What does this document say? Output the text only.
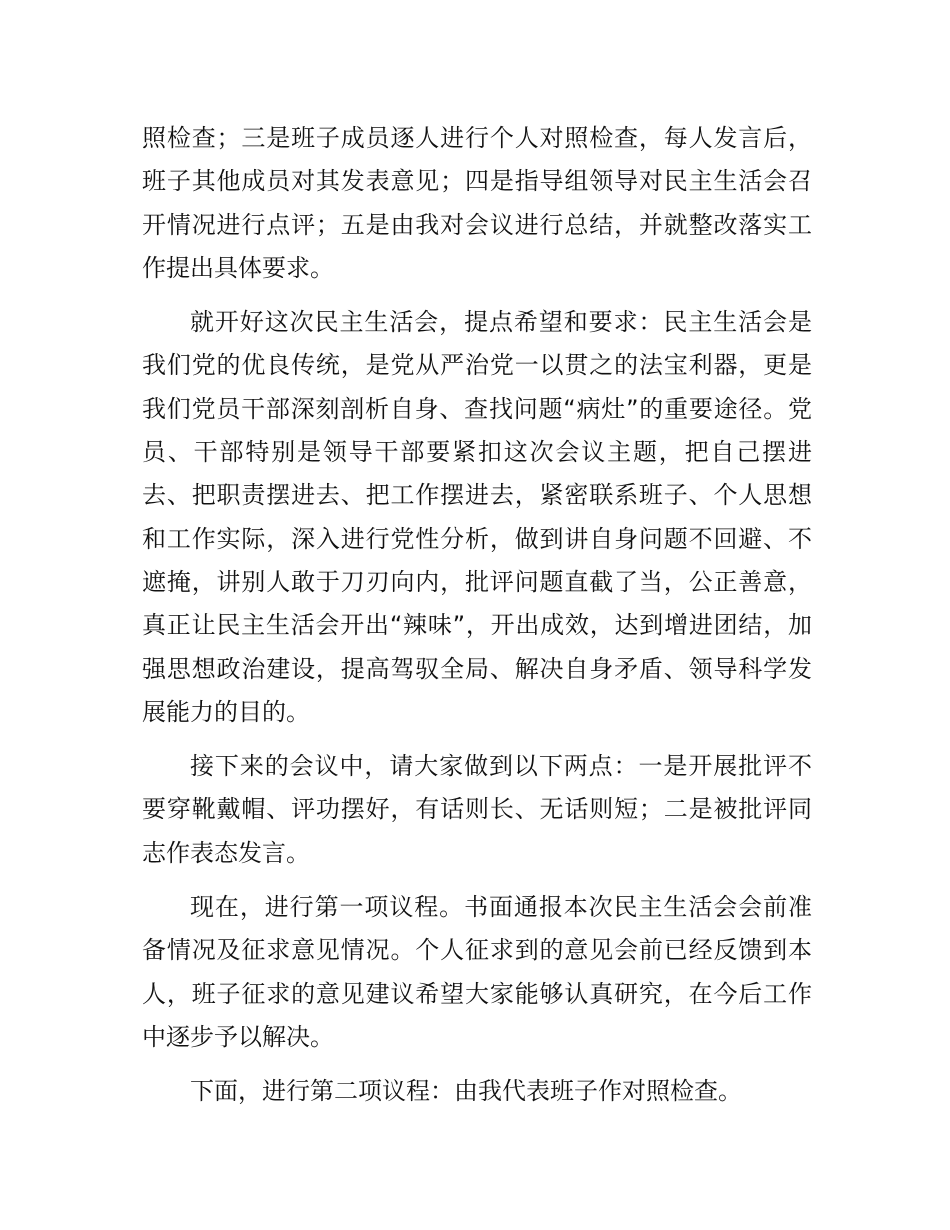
照检查；三是班子成员逐人进行个人对照检查，每人发言后，班子其他成员对其发表意见；四是指导组领导对民主生活会召开情况进行点评；五是由我对会议进行总结，并就整改落实工作提出具体要求。

就开好这次民主生活会，提点希望和要求：民主生活会是我们党的优良传统，是党从严治党一以贯之的法宝利器，更是我们党员干部深刻剖析自身、查找问题“病灶”的重要途径。党员、干部特别是领导干部要紧扣这次会议主题，把自己摆进去、把职责摆进去、把工作摆进去，紧密联系班子、个人思想和工作实际，深入进行党性分析，做到讲自身问题不回避、不遮掩，讲别人敢于刀刃向内，批评问题直截了当，公正善意，真正让民主生活会开出“辣味”，开出成效，达到增进团结，加强思想政治建设，提高驾驭全局、解决自身矛盾、领导科学发展能力的目的。

接下来的会议中，请大家做到以下两点：一是开展批评不要穿靴戴帽、评功摆好，有话则长、无话则短；二是被批评同志作表态发言。

现在，进行第一项议程。书面通报本次民主生活会会前准备情况及征求意见情况。个人征求到的意见会前已经反馈到本人，班子征求的意见建议希望大家能够认真研究，在今后工作中逐步予以解决。

下面，进行第二项议程：由我代表班子作对照检查。
